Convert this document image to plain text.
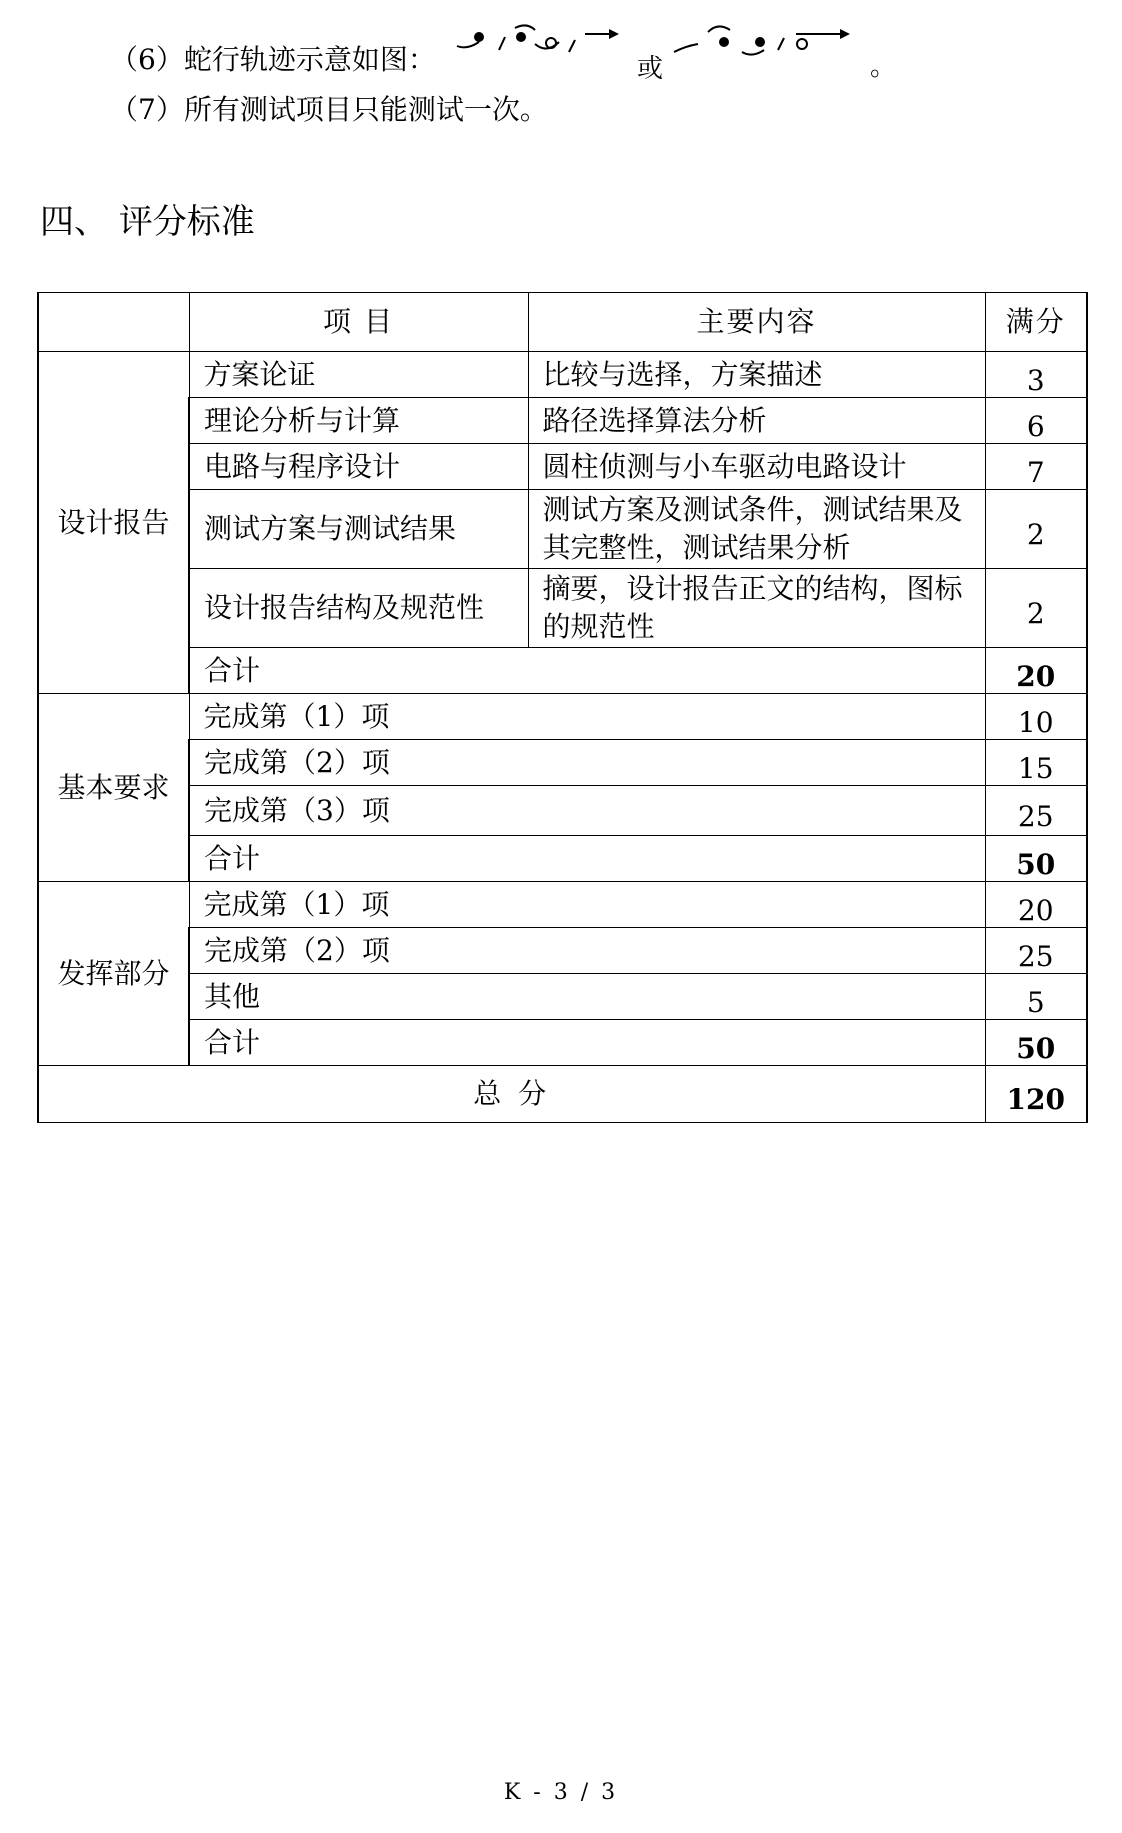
（6）蛇行轨迹示意如图：	或	。
（7）所有测试项目只能测试一次。
四、 评分标准
	项 目	主要内容	满分
设计报告	方案论证	比较与选择，方案描述	3
	理论分析与计算	路径选择算法分析	6
	电路与程序设计	圆柱侦测与小车驱动电路设计	7
	测试方案与测试结果	测试方案及测试条件，测试结果及其完整性，测试结果分析	2
	设计报告结构及规范性	摘要，设计报告正文的结构，图标的规范性	2
	合计		20
基本要求	完成第（1）项		10
	完成第（2）项		15
	完成第（3）项		25
	合计		50
发挥部分	完成第（1）项		20
	完成第（2）项		25
	其他		5
	合计		50
总 分			120
K - 3 / 3
